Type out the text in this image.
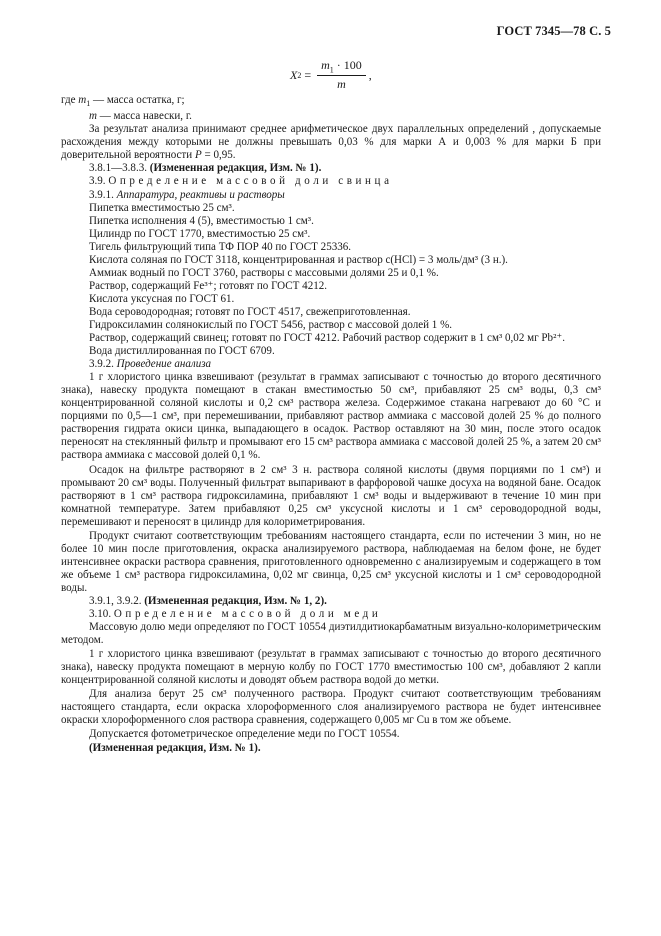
ГОСТ 7345—78 С. 5
X $2 = \frac{m_1 \cdot 100}{m}$ ,

где $m_1$ — масса остатка, г;

m — масса навески, г.

За результат анализа принимают среднее арифметическое двух параллельных определений , допускаемые расхождения между которыми не должны превышать 0,03 % для марки А и 0,003 % для марки Б при доверительной вероятности P = 0,95.

3.8.1—3.8.3. (Измененная редакция, Изм. № 1).

3.9. Определение массовой доли свинца

3.9.1. Аппаратура, реактивы и растворы

Пипетка вместимостью 25 см³.

Пипетка исполнения 4 (5), вместимостью 1 см³.

Цилиндр по ГОСТ 1770, вместимостью 25 см³.

Тигель фильтрующий типа ТФ ПОР 40 по ГОСТ 25336.

Кислота соляная по ГОСТ 3118, концентрированная и раствор c(HCl) = 3 моль/дм³ (3 н.).

Аммиак водный по ГОСТ 3760, растворы с массовыми долями 25 и 0,1 %.

Раствор, содержащий Fe³⁺; готовят по ГОСТ 4212.

Кислота уксусная по ГОСТ 61.

Вода сероводородная; готовят по ГОСТ 4517, свежеприготовленная.

Гидроксиламин солянокислый по ГОСТ 5456, раствор с массовой долей 1 %.

Раствор, содержащий свинец; готовят по ГОСТ 4212. Рабочий раствор содержит в 1 см³ 0,02 мг Pb²⁺.

Вода дистиллированная по ГОСТ 6709.

3.9.2. Проведение анализа

1 г хлористого цинка взвешивают (результат в граммах записывают с точностью до второго десятичного знака), навеску продукта помещают в стакан вместимостью 50 см³, прибавляют 25 см³ воды, 0,3 см³ концентрированной соляной кислоты и 0,2 см³ раствора железа. Содержимое стакана нагревают до 60 °С и порциями по 0,5—1 см³, при перемешивании, прибавляют раствор аммиака с массовой долей 25 % до полного растворения гидрата окиси цинка, выпадающего в осадок. Раствор оставляют на 30 мин, после этого осадок переносят на стеклянный фильтр и промывают его 15 см³ раствора аммиака с массовой долей 25 %, а затем 20 см³ раствора аммиака с массовой долей 0,1 %.

Осадок на фильтре растворяют в 2 см³ 3 н. раствора соляной кислоты (двумя порциями по 1 см³) и промывают 20 см³ воды. Полученный фильтрат выпаривают в фарфоровой чашке досуха на водяной бане. Осадок растворяют в 1 см³ раствора гидроксиламина, прибавляют 1 см³ воды и выдерживают в течение 10 мин при комнатной температуре. Затем прибавляют 0,25 см³ уксусной кислоты и 1 см³ сероводородной воды, перемешивают и переносят в цилиндр для колориметрирования.

Продукт считают соответствующим требованиям настоящего стандарта, если по истечении 3 мин, но не более 10 мин после приготовления, окраска анализируемого раствора, наблюдаемая на белом фоне, не будет интенсивнее окраски раствора сравнения, приготовленного одновременно с анализируемым и содержащего в том же объеме 1 см³ раствора гидроксиламина, 0,02 мг свинца, 0,25 см³ уксусной кислоты и 1 см³ сероводородной воды.

3.9.1, 3.9.2. (Измененная редакция, Изм. № 1, 2).

3.10. Определение массовой доли меди

Массовую долю меди определяют по ГОСТ 10554 диэтилдитиокарбаматным визуально-колориметрическим методом.

1 г хлористого цинка взвешивают (результат в граммах записывают с точностью до второго десятичного знака), навеску продукта помещают в мерную колбу по ГОСТ 1770 вместимостью 100 см³, добавляют 2 капли концентрированной соляной кислоты и доводят объем раствора водой до метки.

Для анализа берут 25 см³ полученного раствора. Продукт считают соответствующим требованиям настоящего стандарта, если окраска хлороформенного слоя анализируемого раствора не будет интенсивнее окраски хлороформенного слоя раствора сравнения, содержащего 0,005 мг Cu в том же объеме.

Допускается фотометрическое определение меди по ГОСТ 10554.

(Измененная редакция, Изм. № 1).
